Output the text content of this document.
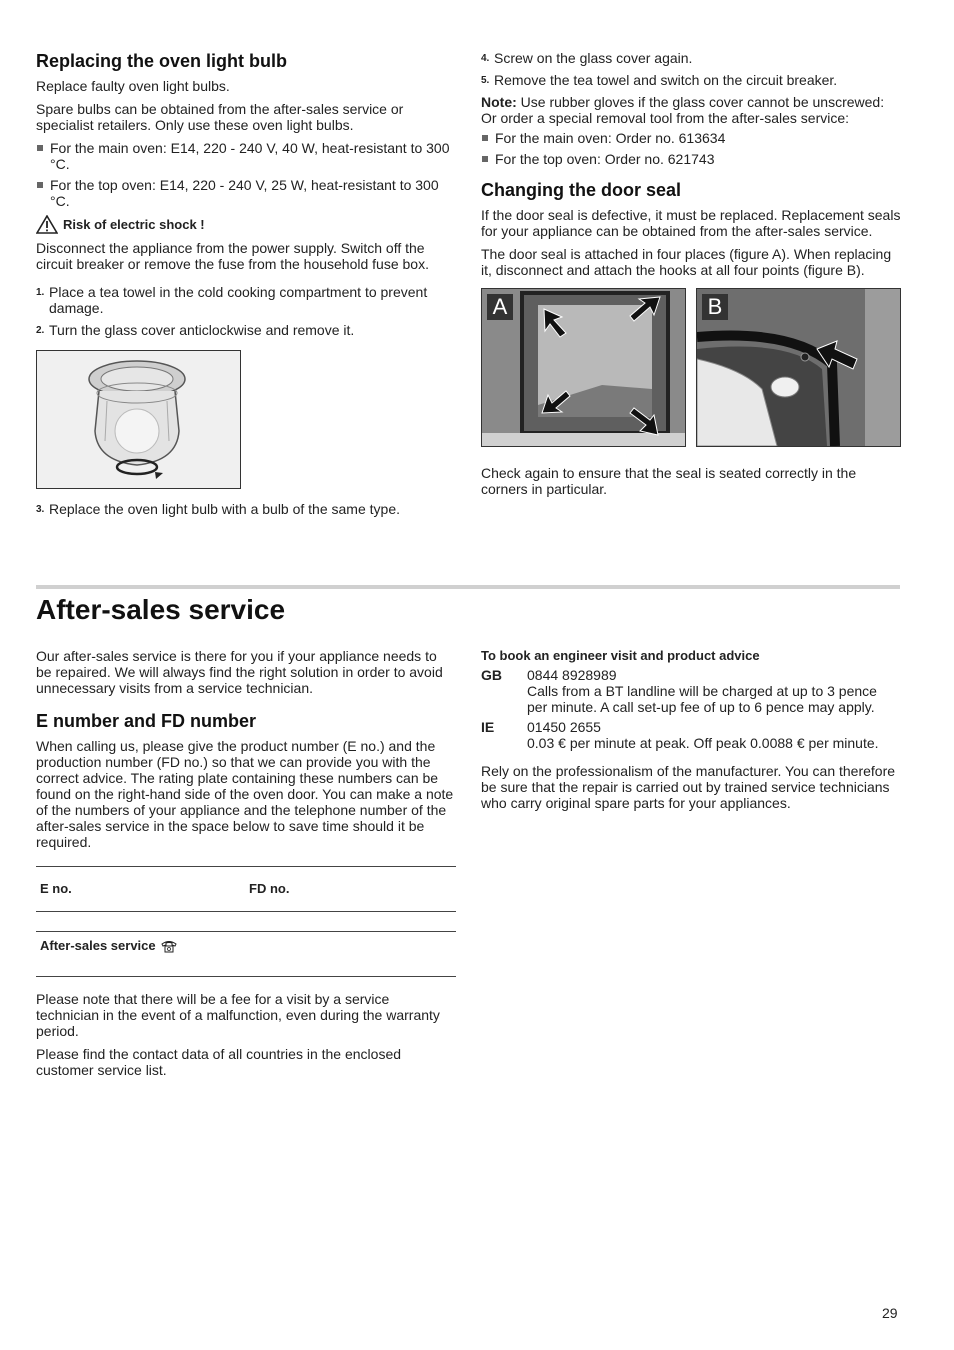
Replacing the oven light bulb

Replace faulty oven light bulbs.

Spare bulbs can be obtained from the after-sales service or specialist retailers. Only use these oven light bulbs.

For the main oven: E14, 220 - 240 V, 40 W, heat-resistant to 300 °C.
For the top oven: E14, 220 - 240 V, 25 W, heat-resistant to 300 °C.
Risk of electric shock !

Disconnect the appliance from the power supply. Switch off the circuit breaker or remove the fuse from the household fuse box.

1. Place a tea towel in the cold cooking compartment to prevent damage.
2. Turn the glass cover anticlockwise and remove it.
3. Replace the oven light bulb with a bulb of the same type.
4. Screw on the glass cover again.
5. Remove the tea towel and switch on the circuit breaker.

Note: Use rubber gloves if the glass cover cannot be unscrewed: Or order a special removal tool from the after-sales service:

For the main oven: Order no. 613634
For the top oven: Order no. 621743
Changing the door seal

If the door seal is defective, it must be replaced. Replacement seals for your appliance can be obtained from the after-sales service.

The door seal is attached in four places (figure A). When replacing it, disconnect and attach the hooks at all four points (figure B).

A	B

Check again to ensure that the seal is seated correctly in the corners in particular.

After-sales service

Our after-sales service is there for you if your appliance needs to be repaired. We will always find the right solution in order to avoid unnecessary visits from a service technician.

E number and FD number

When calling us, please give the product number (E no.) and the production number (FD no.) so that we can provide you with the correct advice. The rating plate containing these numbers can be found on the right-hand side of the oven door. You can make a note of the numbers of your appliance and the telephone number of the after-sales service in the space below to save time should it be required.

E no.	FD no.
After-sales service

Please note that there will be a fee for a visit by a service technician in the event of a malfunction, even during the warranty period.

Please find the contact data of all countries in the enclosed customer service list.

To book an engineer visit and product advice
GB	0844 8928989
Calls from a BT landline will be charged at up to 3 pence per minute. A call set-up fee of up to 6 pence may apply.
IE	01450 2655
0.03 € per minute at peak. Off peak 0.0088 € per minute.

Rely on the professionalism of the manufacturer. You can therefore be sure that the repair is carried out by trained service technicians who carry original spare parts for your appliances.

29
